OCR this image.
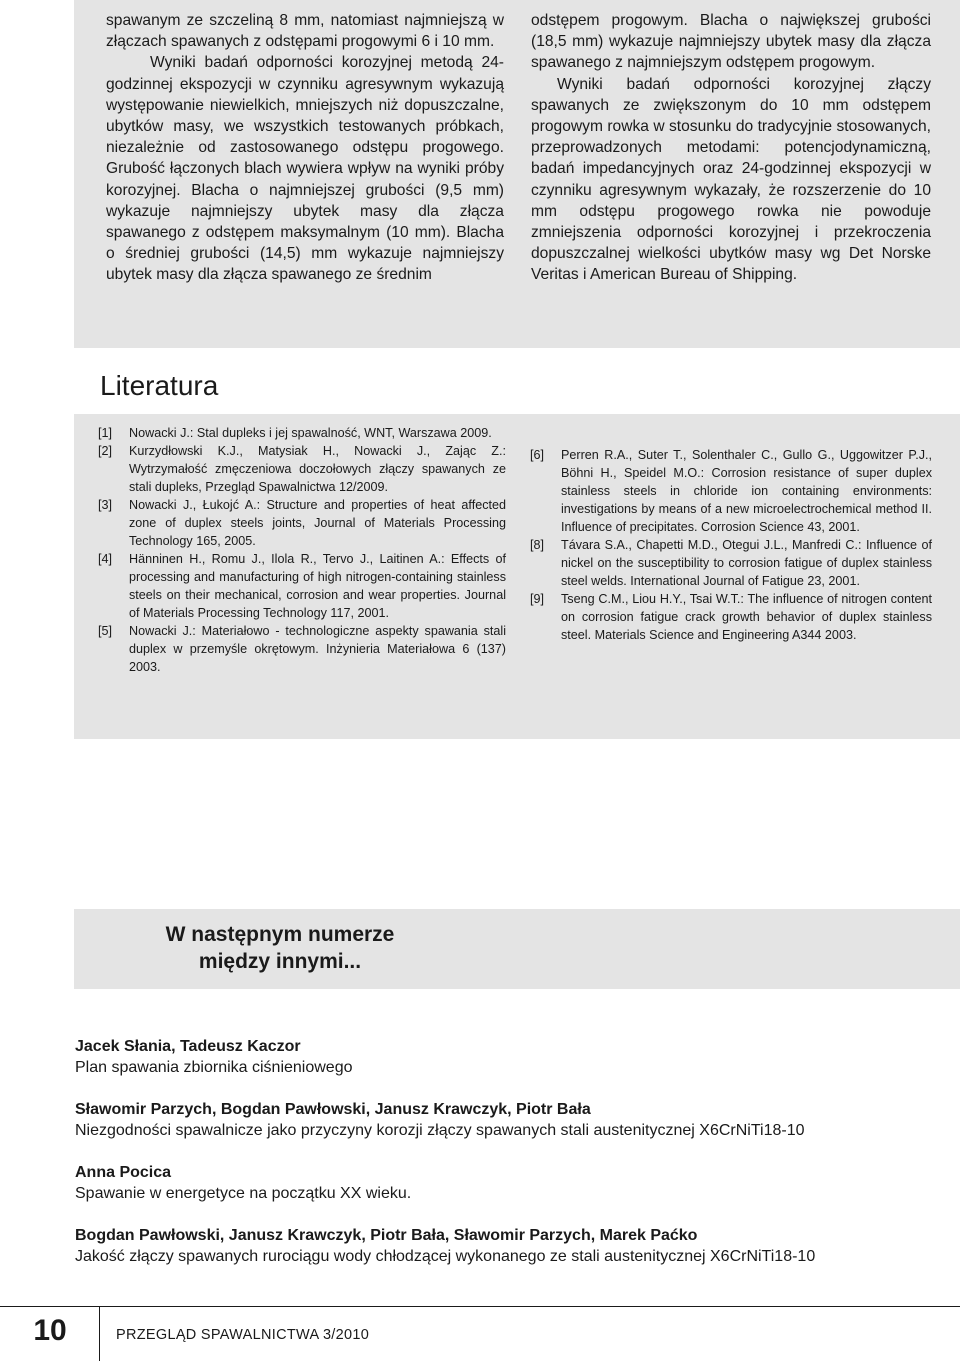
spawanym ze szczeliną 8 mm, natomiast najmniejszą w złączach spawanych z odstępami progowymi 6 i 10 mm.

Wyniki badań odporności korozyjnej metodą 24-godzinnej ekspozycji w czynniku agresywnym wykazują występowanie niewielkich, mniejszych niż dopuszczalne, ubytków masy, we wszystkich testowanych próbkach, niezależnie od zastosowanego odstępu progowego. Grubość łączonych blach wywiera wpływ na wyniki próby korozyjnej. Blacha o najmniejszej grubości (9,5 mm) wykazuje najmniejszy ubytek masy dla złącza spawanego z odstępem maksymalnym (10 mm). Blacha o średniej grubości (14,5) mm wykazuje najmniejszy ubytek masy dla złącza spawanego ze średnim

odstępem progowym. Blacha o największej grubości (18,5 mm) wykazuje najmniejszy ubytek masy dla złącza spawanego z najmniejszym odstępem progowym.

Wyniki badań odporności korozyjnej złączy spawanych ze zwiększonym do 10 mm odstępem progowym rowka w stosunku do tradycyjnie stosowanych, przeprowadzonych metodami: potencjodynamiczną, badań impedancyjnych oraz 24-godzinnej ekspozycji w czynniku agresywnym wykazały, że rozszerzenie do 10 mm odstępu progowego rowka nie powoduje zmniejszenia odporności korozyjnej i przekroczenia dopuszczalnej wielkości ubytków masy wg Det Norske Veritas i American Bureau of Shipping.

Literatura
[1]	Nowacki J.: Stal dupleks i jej spawalność, WNT, Warszawa 2009.
[2]	Kurzydłowski K.J., Matysiak H., Nowacki J., Zając Z.: Wytrzymałość zmęczeniowa doczołowych złączy spawanych ze stali dupleks, Przegląd Spawalnictwa 12/2009.
[3]	Nowacki J., Łukojć A.: Structure and properties of heat affected zone of duplex steels joints, Journal of Materials Processing Technology 165, 2005.
[4]	Hänninen H., Romu J., Ilola R., Tervo J., Laitinen A.: Effects of processing and manufacturing of high nitrogen-containing stainless steels on their mechanical, corrosion and wear properties. Journal of Materials Processing Technology 117, 2001.
[5]	Nowacki J.: Materiałowo - technologiczne aspekty spawania stali duplex w przemyśle okrętowym. Inżynieria Materiałowa 6 (137) 2003.
[6]	Perren R.A., Suter T., Solenthaler C., Gullo G., Uggowitzer P.J., Böhni H., Speidel M.O.: Corrosion resistance of super duplex stainless steels in chloride ion containing environments: investigations by means of a new microelectrochemical method II. Influence of precipitates. Corrosion Science 43, 2001.
[8]	Távara S.A., Chapetti M.D., Otegui J.L., Manfredi C.: Influence of nickel on the susceptibility to corrosion fatigue of duplex stainless steel welds. International Journal of Fatigue 23, 2001.
[9]	Tseng C.M., Liou H.Y., Tsai W.T.: The influence of nitrogen content on corrosion fatigue crack growth behavior of duplex stainless steel. Materials Science and Engineering A344 2003.
W następnym numerze
między innymi...
Jacek Słania, Tadeusz Kaczor
Plan spawania zbiornika ciśnieniowego
Sławomir Parzych, Bogdan Pawłowski, Janusz Krawczyk, Piotr Bała
Niezgodności spawalnicze jako przyczyny korozji złączy spawanych stali austenitycznej X6CrNiTi18-10
Anna Pocica
Spawanie w energetyce na początku XX wieku.
Bogdan Pawłowski, Janusz Krawczyk, Piotr Bała, Sławomir Parzych, Marek Paćko
Jakość złączy spawanych rurociągu wody chłodzącej wykonanego ze stali austenitycznej X6CrNiTi18-10
10	PRZEGLĄD SPAWALNICTWA 3/2010
